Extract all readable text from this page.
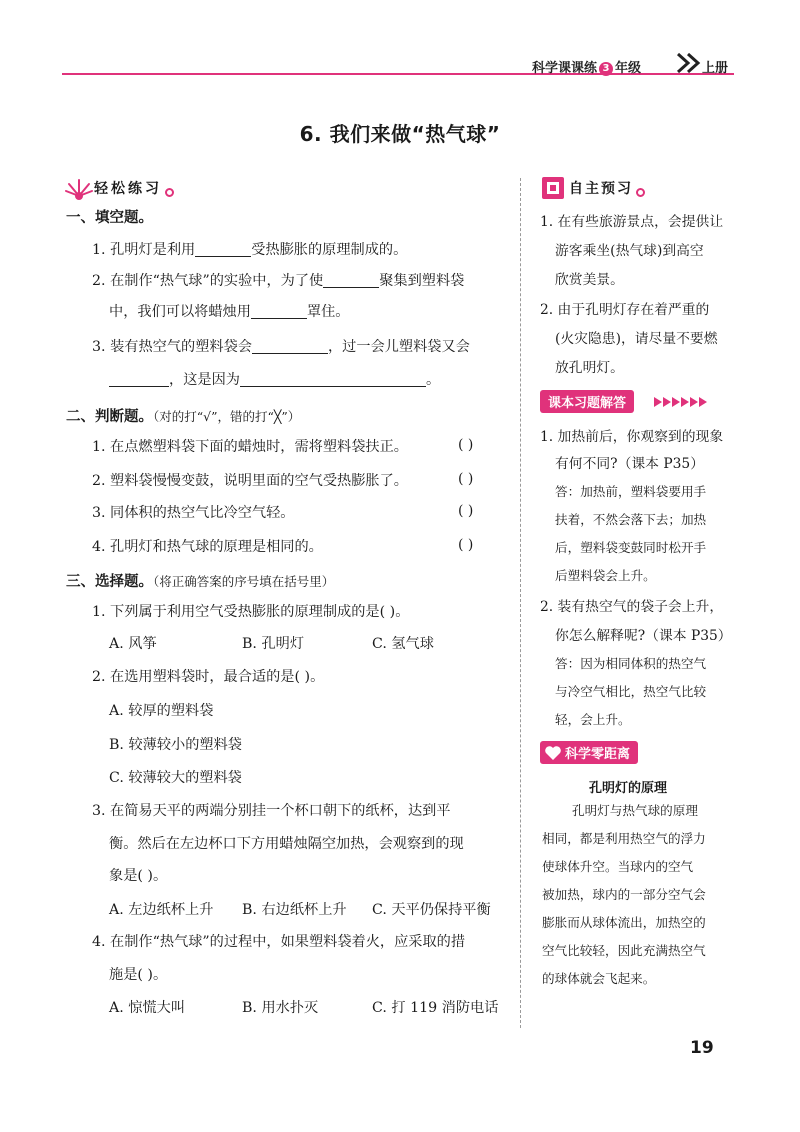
科学课课练 3 年级	上册
6. 我们来做“热气球”
轻松练习
一、填空题。
1. 孔明灯是利用	受热膨胀的原理制成的。
2. 在制作“热气球”的实验中，为了使	聚集到塑料袋
中，我们可以将蜡烛用	罩住。
3. 装有热空气的塑料袋会	，过一会儿塑料袋又会
，这是因为	。
二、判断题。（对的打“√”，错的打“╳”）
1. 在点燃塑料袋下面的蜡烛时，需将塑料袋扶正。	( )
2. 塑料袋慢慢变鼓，说明里面的空气受热膨胀了。	( )
3. 同体积的热空气比冷空气轻。	( )
4. 孔明灯和热气球的原理是相同的。	( )
三、选择题。（将正确答案的序号填在括号里）
1. 下列属于利用空气受热膨胀的原理制成的是( )。
A. 风筝	B. 孔明灯	C. 氢气球
2. 在选用塑料袋时，最合适的是( )。
A. 较厚的塑料袋
B. 较薄较小的塑料袋
C. 较薄较大的塑料袋
3. 在简易天平的两端分别挂一个杯口朝下的纸杯，达到平
衡。然后在左边杯口下方用蜡烛隔空加热，会观察到的现
象是( )。
A. 左边纸杯上升 B. 右边纸杯上升 C. 天平仍保持平衡
4. 在制作“热气球”的过程中，如果塑料袋着火，应采取的措
施是( )。
A. 惊慌大叫	B. 用水扑灭	C. 打 119 消防电话
自主预习
1. 在有些旅游景点，会提供让
游客乘坐(热气球)到高空
欣赏美景。
2. 由于孔明灯存在着严重的
(火灾隐患)，请尽量不要燃
放孔明灯。
课本习题解答
1. 加热前后，你观察到的现象
有何不同?（课本 P35）
答：加热前，塑料袋要用手
扶着，不然会落下去；加热
后，塑料袋变鼓同时松开手
后塑料袋会上升。
2. 装有热空气的袋子会上升，
你怎么解释呢?（课本 P35）
答：因为相同体积的热空气
与冷空气相比，热空气比较
轻，会上升。
科学零距离
孔明灯的原理
孔明灯与热气球的原理
相同，都是利用热空气的浮力
使球体升空。当球内的空气
被加热，球内的一部分空气会
膨胀而从球体流出，加热空的
空气比较轻，因此充满热空气
的球体就会飞起来。
19
